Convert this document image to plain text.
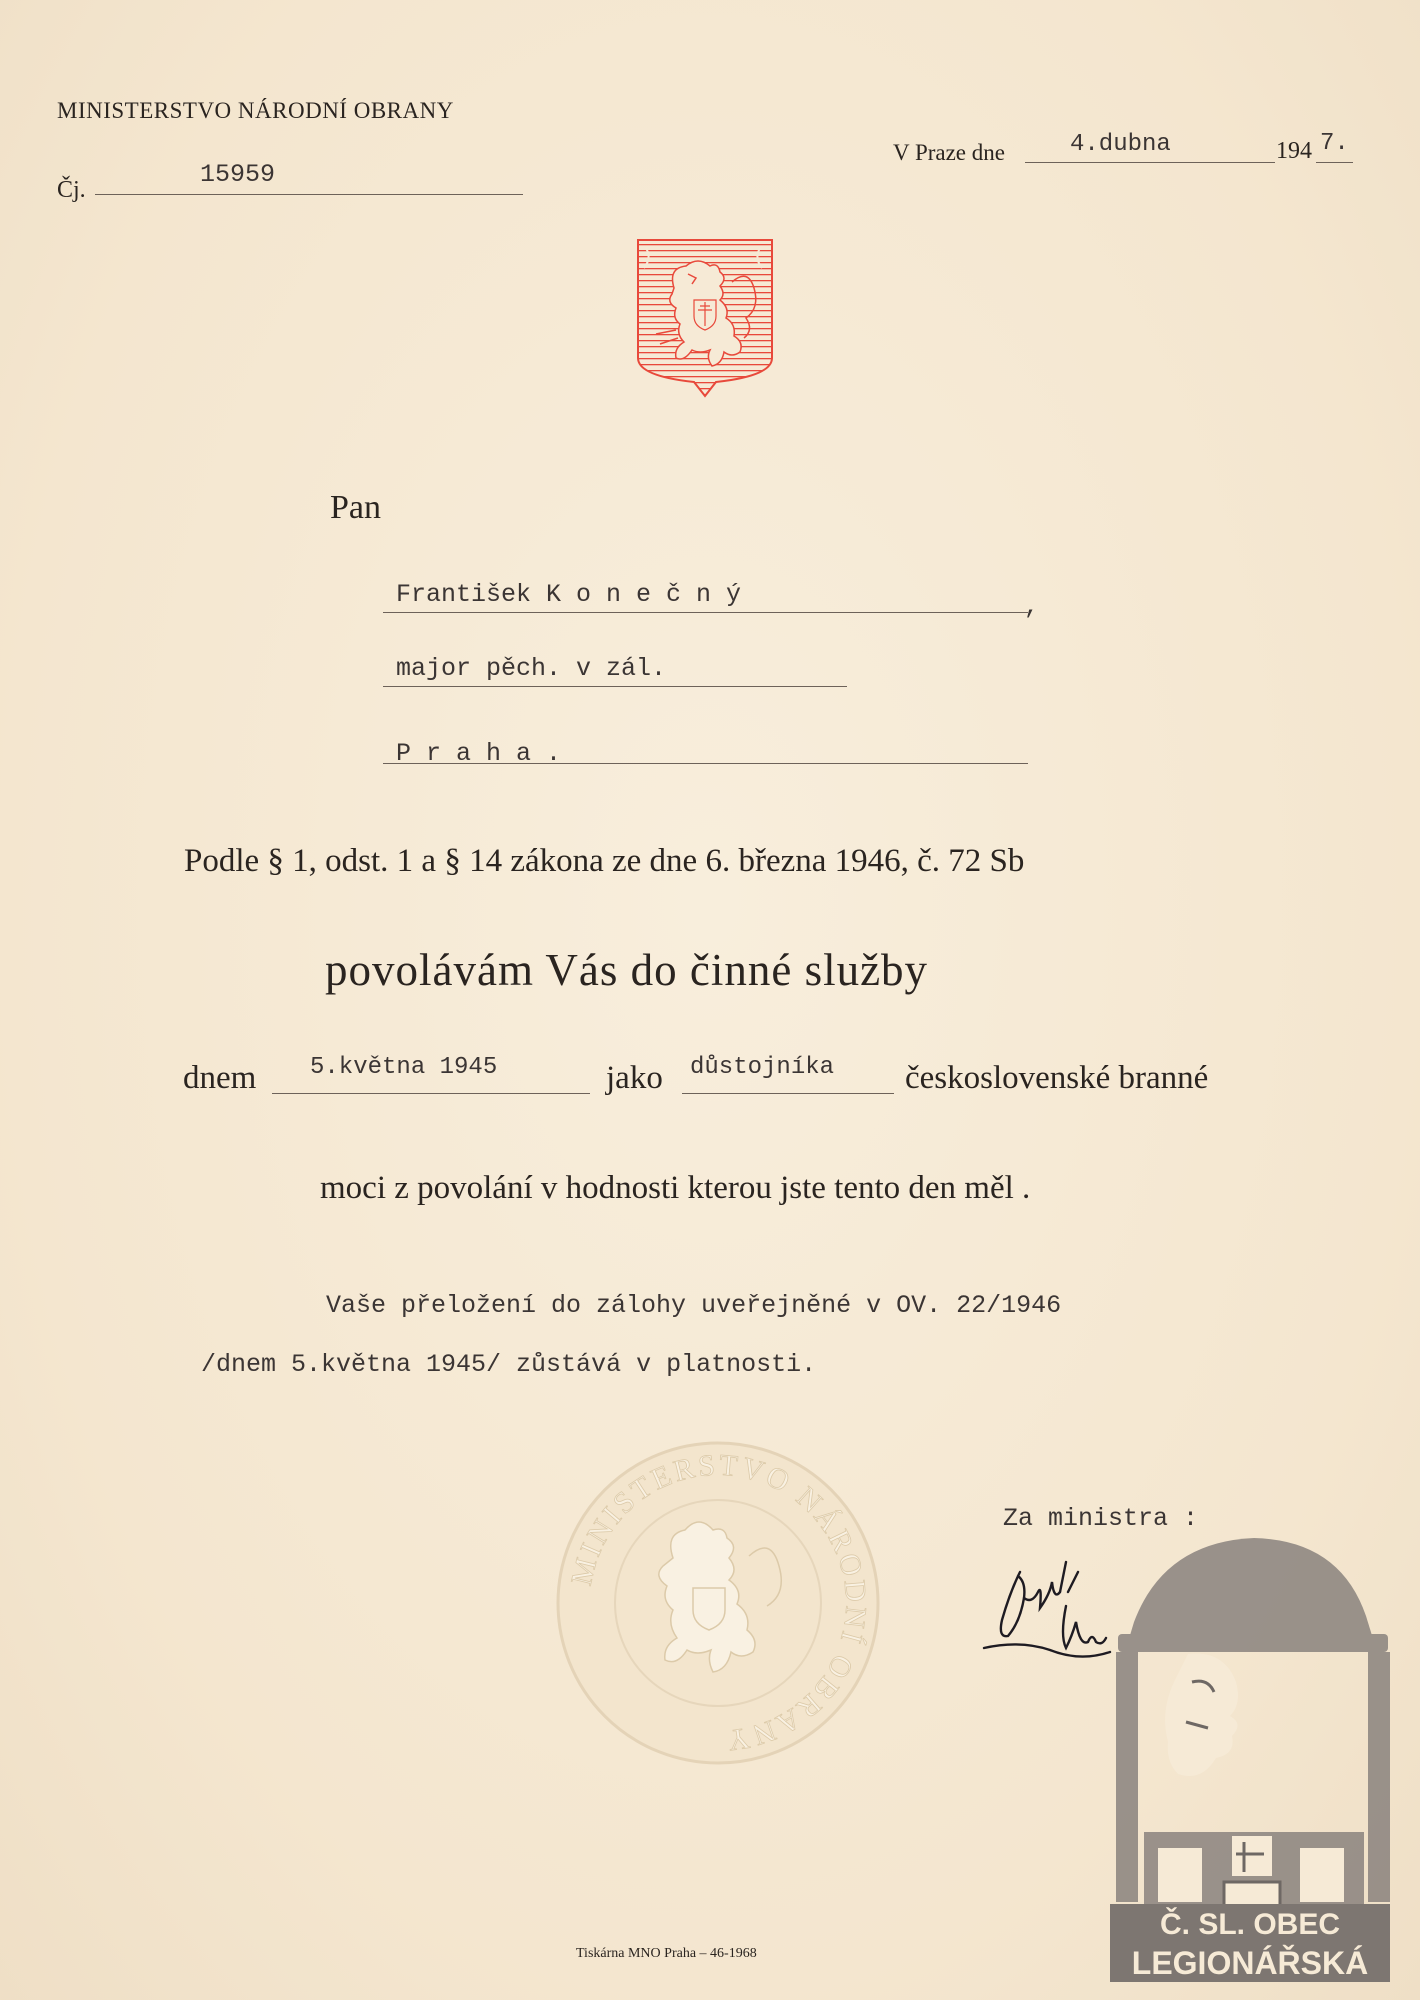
MINISTERSTVO NÁRODNÍ OBRANY
Čj.
15959
V Praze dne	4.dubna	194 7.
Pan
František K o n e č n ý	,
major pěch. v zál.
P r a h a .
Podle § 1, odst. 1 a § 14 zákona ze dne 6. března 1946, č. 72 Sb
povolávám Vás do činné služby
dnem 5.května 1945	jako důstojníka československé branné
moci z povolání v hodnosti kterou jste tento den měl .
Vaše přeložení do zálohy uveřejněné v OV. 22/1946
/dnem 5.května 1945/ zůstává v platnosti.
MINISTERSTVO NÁRODNÍ OBRANY
Za ministra :
Č. SL. OBEC
LEGIONÁŘSKÁ
Tiskárna MNO Praha – 46-1968
